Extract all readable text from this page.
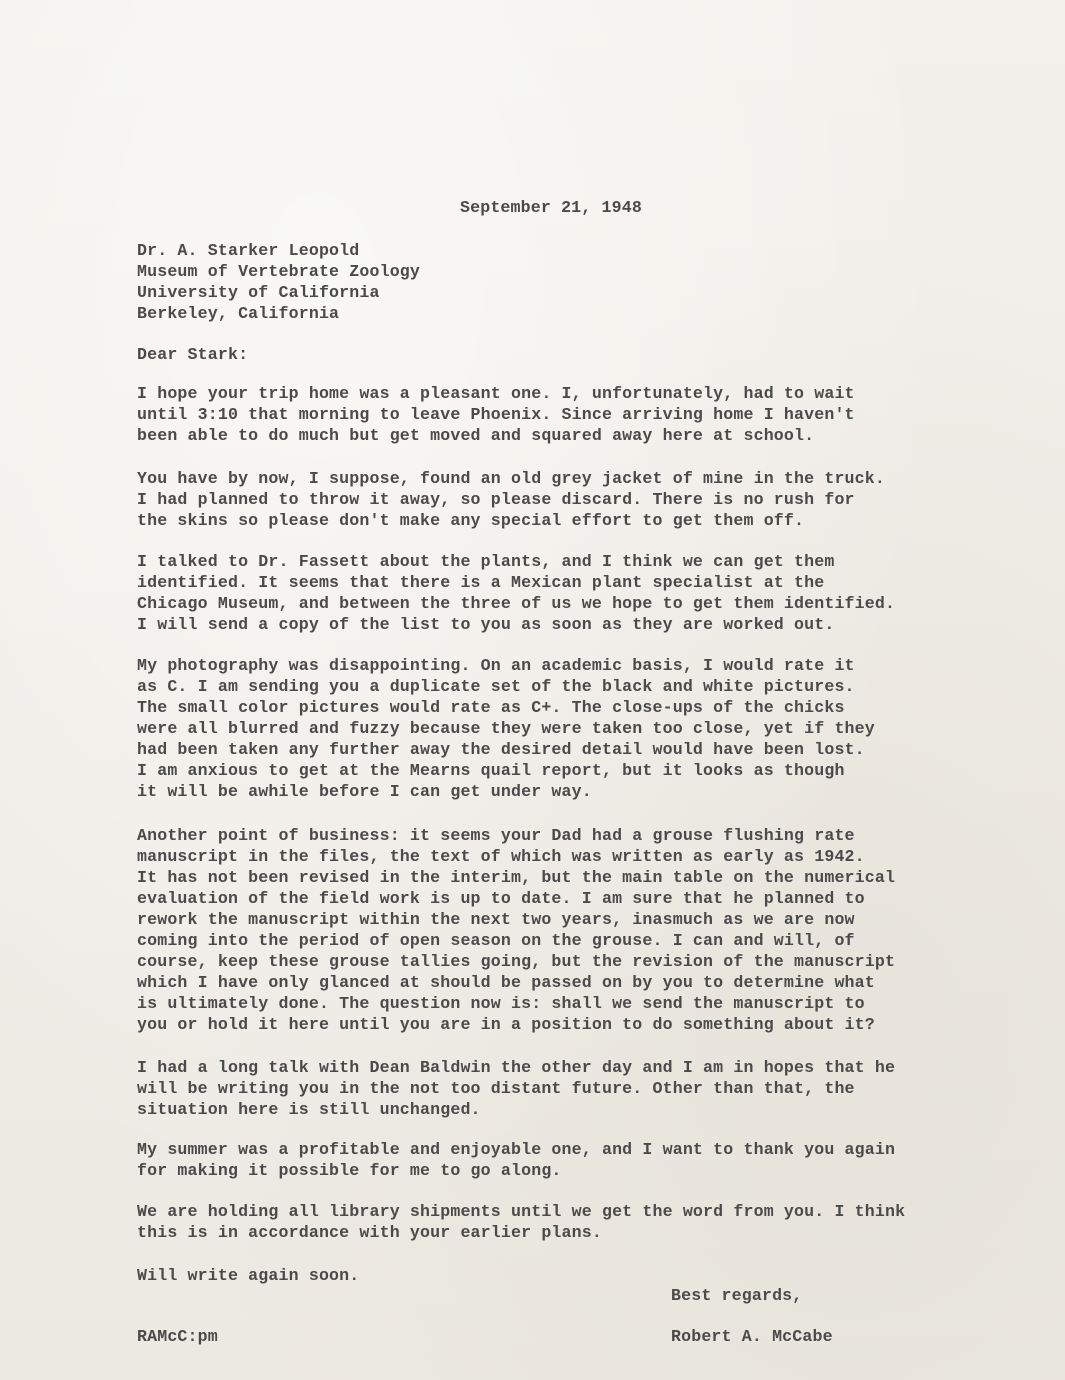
September 21, 1948

Dr. A. Starker Leopold
Museum of Vertebrate Zoology
University of California
Berkeley, California

Dear Stark:

I hope your trip home was a pleasant one. I, unfortunately, had to wait
until 3:10 that morning to leave Phoenix. Since arriving home I haven't
been able to do much but get moved and squared away here at school.

You have by now, I suppose, found an old grey jacket of mine in the truck.
I had planned to throw it away, so please discard. There is no rush for
the skins so please don't make any special effort to get them off.

I talked to Dr. Fassett about the plants, and I think we can get them
identified. It seems that there is a Mexican plant specialist at the
Chicago Museum, and between the three of us we hope to get them identified.
I will send a copy of the list to you as soon as they are worked out.

My photography was disappointing. On an academic basis, I would rate it
as C. I am sending you a duplicate set of the black and white pictures.
The small color pictures would rate as C+. The close-ups of the chicks
were all blurred and fuzzy because they were taken too close, yet if they
had been taken any further away the desired detail would have been lost.
I am anxious to get at the Mearns quail report, but it looks as though
it will be awhile before I can get under way.

Another point of business: it seems your Dad had a grouse flushing rate
manuscript in the files, the text of which was written as early as 1942.
It has not been revised in the interim, but the main table on the numerical
evaluation of the field work is up to date. I am sure that he planned to
rework the manuscript within the next two years, inasmuch as we are now
coming into the period of open season on the grouse. I can and will, of
course, keep these grouse tallies going, but the revision of the manuscript
which I have only glanced at should be passed on by you to determine what
is ultimately done. The question now is: shall we send the manuscript to
you or hold it here until you are in a position to do something about it?

I had a long talk with Dean Baldwin the other day and I am in hopes that he
will be writing you in the not too distant future. Other than that, the
situation here is still unchanged.

My summer was a profitable and enjoyable one, and I want to thank you again
for making it possible for me to go along.

We are holding all library shipments until we get the word from you. I think
this is in accordance with your earlier plans.

Will write again soon.

Best regards,

RAMcC:pm	Robert A. McCabe
